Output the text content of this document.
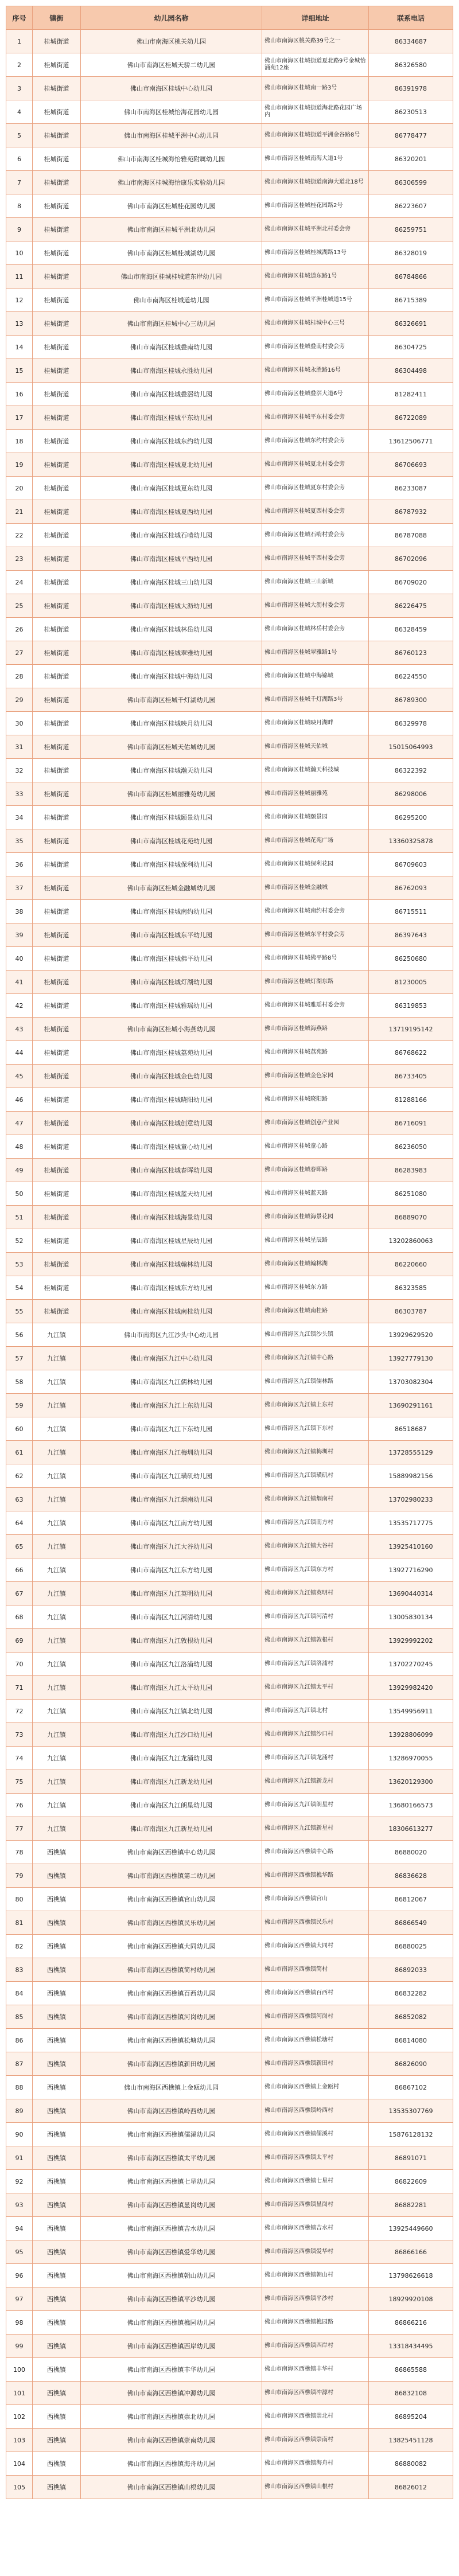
序号	镇街	幼儿园名称	详细地址	联系电话
1	桂城街道	佛山市南海区桃关幼儿园	佛山市南海区桃关路39号之一	86334687
2	桂城街道	佛山市南海区桂城天骄二幼儿园	佛山市南海区桂城街道夏北路9号金城怡涌苑12座	86326580
3	桂城街道	佛山市南海区桂城中心幼儿园	佛山市南海区桂城南一路3号	86391978
4	桂城街道	佛山市南海区桂城怡海花园幼儿园	佛山市南海区桂城街道海北路花园广场内	86230513
5	桂城街道	佛山市南海区桂城平洲中心幼儿园	佛山市南海区桂城街道平洲金谷路8号	86778477
6	桂城街道	佛山市南海区桂城海怡雅苑附属幼儿园	佛山市南海区桂城南海大道1号	86320201
7	桂城街道	佛山市南海区桂城海怡康乐实验幼儿园	佛山市南海区桂城街道南海大道北18号	86306599
8	桂城街道	佛山市南海区桂城桂花园幼儿园	佛山市南海区桂城桂花园路2号	86223607
9	桂城街道	佛山市南海区桂城平洲北幼儿园	佛山市南海区桂城平洲北村委会旁	86259751
10	桂城街道	佛山市南海区桂城桂城湖幼儿园	佛山市南海区桂城桂城湖路13号	86328019
11	桂城街道	佛山市南海区桂城桂城道东岸幼儿园	佛山市南海区桂城道东路1号	86784866
12	桂城街道	佛山市南海区桂城道幼儿园	佛山市南海区桂城平洲桂城道15号	86715389
13	桂城街道	佛山市南海区桂城中心三幼儿园	佛山市南海区桂城桂城中心三号	86326691
14	桂城街道	佛山市南海区桂城叠南幼儿园	佛山市南海区桂城叠南村委会旁	86304725
15	桂城街道	佛山市南海区桂城永胜幼儿园	佛山市南海区桂城永胜路16号	86304498
16	桂城街道	佛山市南海区桂城叠滘幼儿园	佛山市南海区桂城叠滘大道6号	81282411
17	桂城街道	佛山市南海区桂城平东幼儿园	佛山市南海区桂城平东村委会旁	86722089
18	桂城街道	佛山市南海区桂城东约幼儿园	佛山市南海区桂城东约村委会旁	13612506771
19	桂城街道	佛山市南海区桂城夏北幼儿园	佛山市南海区桂城夏北村委会旁	86706693
20	桂城街道	佛山市南海区桂城夏东幼儿园	佛山市南海区桂城夏东村委会旁	86233087
21	桂城街道	佛山市南海区桂城夏西幼儿园	佛山市南海区桂城夏西村委会旁	86787932
22	桂城街道	佛山市南海区桂城石啃幼儿园	佛山市南海区桂城石啃村委会旁	86787088
23	桂城街道	佛山市南海区桂城平西幼儿园	佛山市南海区桂城平西村委会旁	86702096
24	桂城街道	佛山市南海区桂城三山幼儿园	佛山市南海区桂城三山新城	86709020
25	桂城街道	佛山市南海区桂城大沥幼儿园	佛山市南海区桂城大沥村委会旁	86226475
26	桂城街道	佛山市南海区桂城林岳幼儿园	佛山市南海区桂城林岳村委会旁	86328459
27	桂城街道	佛山市南海区桂城翠雅幼儿园	佛山市南海区桂城翠雅路1号	86760123
28	桂城街道	佛山市南海区桂城中海幼儿园	佛山市南海区桂城中海锦城	86224550
29	桂城街道	佛山市南海区桂城千灯湖幼儿园	佛山市南海区桂城千灯湖路3号	86789300
30	桂城街道	佛山市南海区桂城映月幼儿园	佛山市南海区桂城映月湖畔	86329978
31	桂城街道	佛山市南海区桂城天佑城幼儿园	佛山市南海区桂城天佑城	15015064993
32	桂城街道	佛山市南海区桂城瀚天幼儿园	佛山市南海区桂城瀚天科技城	86322392
33	桂城街道	佛山市南海区桂城丽雅苑幼儿园	佛山市南海区桂城丽雅苑	86298006
34	桂城街道	佛山市南海区桂城颐景幼儿园	佛山市南海区桂城颐景园	86295200
35	桂城街道	佛山市南海区桂城花苑幼儿园	佛山市南海区桂城花苑广场	13360325878
36	桂城街道	佛山市南海区桂城保利幼儿园	佛山市南海区桂城保利花园	86709603
37	桂城街道	佛山市南海区桂城金融城幼儿园	佛山市南海区桂城金融城	86762093
38	桂城街道	佛山市南海区桂城南约幼儿园	佛山市南海区桂城南约村委会旁	86715511
39	桂城街道	佛山市南海区桂城东平幼儿园	佛山市南海区桂城东平村委会旁	86397643
40	桂城街道	佛山市南海区桂城佛平幼儿园	佛山市南海区桂城佛平路8号	86250680
41	桂城街道	佛山市南海区桂城灯湖幼儿园	佛山市南海区桂城灯湖东路	81230005
42	桂城街道	佛山市南海区桂城雅瑶幼儿园	佛山市南海区桂城雅瑶村委会旁	86319853
43	桂城街道	佛山市南海区桂城小海燕幼儿园	佛山市南海区桂城海燕路	13719195142
44	桂城街道	佛山市南海区桂城荔苑幼儿园	佛山市南海区桂城荔苑路	86768622
45	桂城街道	佛山市南海区桂城金色幼儿园	佛山市南海区桂城金色家园	86733405
46	桂城街道	佛山市南海区桂城晓阳幼儿园	佛山市南海区桂城晓阳路	81288166
47	桂城街道	佛山市南海区桂城创意幼儿园	佛山市南海区桂城创意产业园	86716091
48	桂城街道	佛山市南海区桂城童心幼儿园	佛山市南海区桂城童心路	86236050
49	桂城街道	佛山市南海区桂城春晖幼儿园	佛山市南海区桂城春晖路	86283983
50	桂城街道	佛山市南海区桂城蓝天幼儿园	佛山市南海区桂城蓝天路	86251080
51	桂城街道	佛山市南海区桂城海景幼儿园	佛山市南海区桂城海景花园	86889070
52	桂城街道	佛山市南海区桂城星辰幼儿园	佛山市南海区桂城星辰路	13202860063
53	桂城街道	佛山市南海区桂城翰林幼儿园	佛山市南海区桂城翰林湖	86220660
54	桂城街道	佛山市南海区桂城东方幼儿园	佛山市南海区桂城东方路	86323585
55	桂城街道	佛山市南海区桂城南桂幼儿园	佛山市南海区桂城南桂路	86303787
56	九江镇	佛山市南海区九江沙头中心幼儿园	佛山市南海区九江镇沙头镇	13929629520
57	九江镇	佛山市南海区九江中心幼儿园	佛山市南海区九江镇中心路	13927779130
58	九江镇	佛山市南海区九江儒林幼儿园	佛山市南海区九江镇儒林路	13703082304
59	九江镇	佛山市南海区九江上东幼儿园	佛山市南海区九江镇上东村	13690291161
60	九江镇	佛山市南海区九江下东幼儿园	佛山市南海区九江镇下东村	86518687
61	九江镇	佛山市南海区九江梅圳幼儿园	佛山市南海区九江镇梅圳村	13728555129
62	九江镇	佛山市南海区九江璜矶幼儿园	佛山市南海区九江镇璜矶村	15889982156
63	九江镇	佛山市南海区九江烟南幼儿园	佛山市南海区九江镇烟南村	13702980233
64	九江镇	佛山市南海区九江南方幼儿园	佛山市南海区九江镇南方村	13535717775
65	九江镇	佛山市南海区九江大谷幼儿园	佛山市南海区九江镇大谷村	13925410160
66	九江镇	佛山市南海区九江东方幼儿园	佛山市南海区九江镇东方村	13927716290
67	九江镇	佛山市南海区九江英明幼儿园	佛山市南海区九江镇英明村	13690440314
68	九江镇	佛山市南海区九江河清幼儿园	佛山市南海区九江镇河清村	13005830134
69	九江镇	佛山市南海区九江敦根幼儿园	佛山市南海区九江镇敦根村	13929992202
70	九江镇	佛山市南海区九江洛浦幼儿园	佛山市南海区九江镇洛浦村	13702270245
71	九江镇	佛山市南海区九江太平幼儿园	佛山市南海区九江镇太平村	13929982420
72	九江镇	佛山市南海区九江镇北幼儿园	佛山市南海区九江镇北村	13549956911
73	九江镇	佛山市南海区九江沙口幼儿园	佛山市南海区九江镇沙口村	13928806099
74	九江镇	佛山市南海区九江龙涌幼儿园	佛山市南海区九江镇龙涌村	13286970055
75	九江镇	佛山市南海区九江新龙幼儿园	佛山市南海区九江镇新龙村	13620129300
76	九江镇	佛山市南海区九江朗星幼儿园	佛山市南海区九江镇朗星村	13680166573
77	九江镇	佛山市南海区九江新星幼儿园	佛山市南海区九江镇新星村	18306613277
78	西樵镇	佛山市南海区西樵镇中心幼儿园	佛山市南海区西樵镇中心路	86880020
79	西樵镇	佛山市南海区西樵镇第二幼儿园	佛山市南海区西樵镇樵华路	86836628
80	西樵镇	佛山市南海区西樵镇官山幼儿园	佛山市南海区西樵镇官山	86812067
81	西樵镇	佛山市南海区西樵镇民乐幼儿园	佛山市南海区西樵镇民乐村	86866549
82	西樵镇	佛山市南海区西樵镇大同幼儿园	佛山市南海区西樵镇大同村	86880025
83	西樵镇	佛山市南海区西樵镇简村幼儿园	佛山市南海区西樵镇简村	86892033
84	西樵镇	佛山市南海区西樵镇百西幼儿园	佛山市南海区西樵镇百西村	86832282
85	西樵镇	佛山市南海区西樵镇河岗幼儿园	佛山市南海区西樵镇河岗村	86852082
86	西樵镇	佛山市南海区西樵镇松塘幼儿园	佛山市南海区西樵镇松塘村	86814080
87	西樵镇	佛山市南海区西樵镇新田幼儿园	佛山市南海区西樵镇新田村	86826090
88	西樵镇	佛山市南海区西樵镇上金瓯幼儿园	佛山市南海区西樵镇上金瓯村	86867102
89	西樵镇	佛山市南海区西樵镇岭西幼儿园	佛山市南海区西樵镇岭西村	13535307769
90	西樵镇	佛山市南海区西樵镇儒溪幼儿园	佛山市南海区西樵镇儒溪村	15876128132
91	西樵镇	佛山市南海区西樵镇太平幼儿园	佛山市南海区西樵镇太平村	86891071
92	西樵镇	佛山市南海区西樵镇七星幼儿园	佛山市南海区西樵镇七星村	86822609
93	西樵镇	佛山市南海区西樵镇显岗幼儿园	佛山市南海区西樵镇显岗村	86882281
94	西樵镇	佛山市南海区西樵镇吉水幼儿园	佛山市南海区西樵镇吉水村	13925449660
95	西樵镇	佛山市南海区西樵镇爱华幼儿园	佛山市南海区西樵镇爱华村	86866166
96	西樵镇	佛山市南海区西樵镇朝山幼儿园	佛山市南海区西樵镇朝山村	13798626618
97	西樵镇	佛山市南海区西樵镇平沙幼儿园	佛山市南海区西樵镇平沙村	18929920108
98	西樵镇	佛山市南海区西樵镇樵园幼儿园	佛山市南海区西樵镇樵园路	86866216
99	西樵镇	佛山市南海区西樵镇西岸幼儿园	佛山市南海区西樵镇西岸村	13318434495
100	西樵镇	佛山市南海区西樵镇丰华幼儿园	佛山市南海区西樵镇丰华村	86865588
101	西樵镇	佛山市南海区西樵镇冲源幼儿园	佛山市南海区西樵镇冲源村	86832108
102	西樵镇	佛山市南海区西樵镇崇北幼儿园	佛山市南海区西樵镇崇北村	86895204
103	西樵镇	佛山市南海区西樵镇崇南幼儿园	佛山市南海区西樵镇崇南村	13825451128
104	西樵镇	佛山市南海区西樵镇海舟幼儿园	佛山市南海区西樵镇海舟村	86880082
105	西樵镇	佛山市南海区西樵镇山根幼儿园	佛山市南海区西樵镇山根村	86826012
